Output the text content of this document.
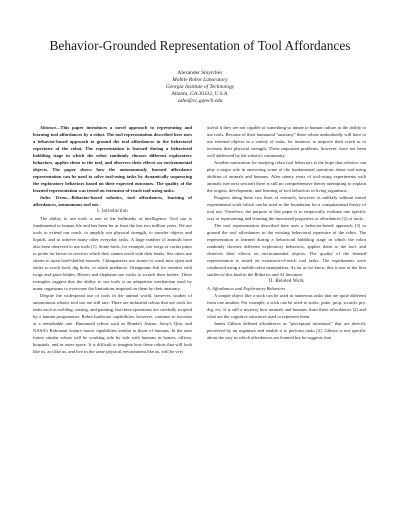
Behavior-Grounded Representation of Tool Affordances
Alexander Stoytchev
Mobile Robot Laboratory
Georgia Institute of Technology
Atlanta, GA 30332, U.S.A.
saho@cc.gatech.edu

Abstract—This paper introduces a novel approach to representing and learning tool affordances by a robot. The tool representation described here uses a behavior-based approach to ground the tool affordances in the behavioral repertoire of the robot. The representation is learned during a behavioral babbling stage in which the robot randomly chooses different exploratory behaviors, applies them to the tool, and observes their effects on environmental objects. The paper shows how the autonomously learned affordance representation can be used to solve tool-using tasks by dynamically sequencing the exploratory behaviors based on their expected outcomes. The quality of the learned representation was tested on extension-of-reach tool-using tasks.

Index Terms—Behavior-based robotics, tool affordances, learning of affordances, autonomous tool use.

I. Introduction

The ability to use tools is one of the hallmarks of intelligence. Tool use is fundamental to human life and has been for at least the last two million years. We use tools to extend our reach, to amplify our physical strength, to transfer objects and liquids, and to achieve many other everyday tasks. A large number of animals have also been observed to use tools [1]. Some birds, for example, use twigs or cactus pines to probe for larvae in crevices which they cannot reach with their beaks. Sea otters use stones to open hard-shelled mussels. Chimpanzees use stones to crack nuts open and sticks to reach food, dig holes, or attack predators. Orangutans fish for termites with twigs and grass blades. Horses and elephants use sticks to scratch their bodies. These examples suggest that the ability to use tools is an adaptation mechanism used by many organisms to overcome the limitations imposed on them by their anatomy.

Despite the widespread use of tools in the animal world, however, studies of autonomous robotic tool use are still rare. There are industrial robots that use tools for tasks such as welding, cutting, and painting, but these operations are carefully scripted by a human programmer. Robot hardware capabilities, however, continue to increase at a remarkable rate. Humanoid robots such as Honda's Asimo, Sony's Qrio, and NASA's Robonaut feature motor capabilities similar to those of humans. In the near future similar robots will be working side by side with humans in homes, offices, hospitals, and in outer space. It is difficult to imagine how these robots that will look like us, act like us, and live in the same physical environment like us, will be very

useful if they are not capable of something so innate to human culture as the ability to use tools. Because of their humanoid "anatomy" these robots undoubtedly will have to use external objects in a variety of tasks, for instance, to improve their reach or to increase their physical strength. These important problems, however, have not been well addressed by the robotics community.

Another motivation for studying robot tool behaviors is the hope that robotics can play a major role in answering some of the fundamental questions about tool-using abilities of animals and humans. After ninety years of tool-using experiments with animals (see next section) there is still no comprehensive theory attempting to explain the origins, development, and learning of tool behaviors in living organisms.

Progress along these two lines of research, however, is unlikely without initial experimental work which can be used as the foundation for a computational theory of tool use. Therefore, the purpose of this paper is to empirically evaluate one specific way of representing and learning the functional properties or affordances [2] of tools.

The tool representation described here uses a behavior-based approach [3] to ground the tool affordances in the existing behavioral repertoire of the robot. The representation is learned during a behavioral babbling stage in which the robot randomly chooses different exploratory behaviors, applies them to the tool, and observes their effects on environmental objects. The quality of the learned representation is tested on extension-of-reach tool tasks. The experiments were conducted using a mobile robot manipulator. As far as we know, this is one of the first studies of this kind in the Robotics and AI literature.

II. Related Work

A. Affordances and Exploratory Behaviors

A simple object like a stick can be used in numerous tasks that are quite different from one another. For example, a stick can be used to strike, poke, prop, scratch, pry, dig, etc. It is still a mystery how animals and humans learn these affordances [2] and what are the cognitive structures used to represent them.

James Gibson defined affordances as "perceptual invariants" that are directly perceived by an organism and enable it to perform tasks [2]. Gibson is not specific about the way in which affordances are learned but he suggests that
